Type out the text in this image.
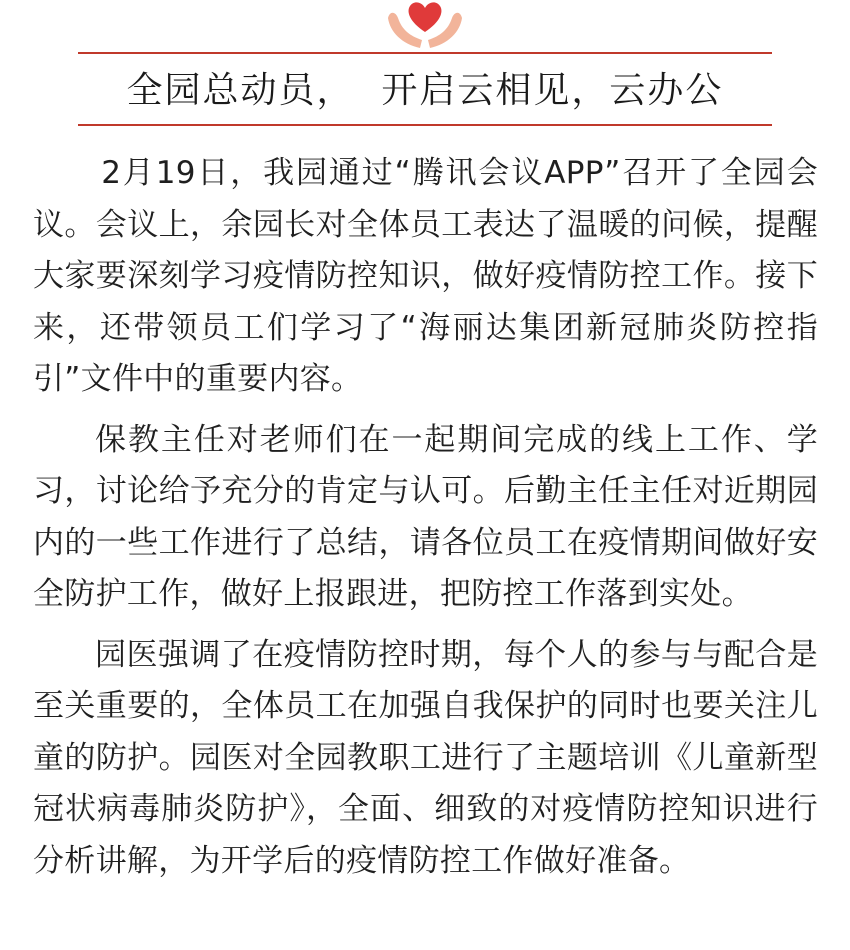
全园总动员，  开启云相见，云办公

2月19日，我园通过“腾讯会议APP”召开了全园会议。会议上，余园长对全体员工表达了温暖的问候，提醒大家要深刻学习疫情防控知识，做好疫情防控工作。接下来，还带领员工们学习了“海丽达集团新冠肺炎防控指引”文件中的重要内容。

保教主任对老师们在一起期间完成的线上工作、学习，讨论给予充分的肯定与认可。后勤主任主任对近期园内的一些工作进行了总结，请各位员工在疫情期间做好安全防护工作，做好上报跟进，把防控工作落到实处。

园医强调了在疫情防控时期，每个人的参与与配合是至关重要的，全体员工在加强自我保护的同时也要关注儿童的防护。园医对全园教职工进行了主题培训《儿童新型冠状病毒肺炎防护》，全面、细致的对疫情防控知识进行分析讲解，为开学后的疫情防控工作做好准备。
